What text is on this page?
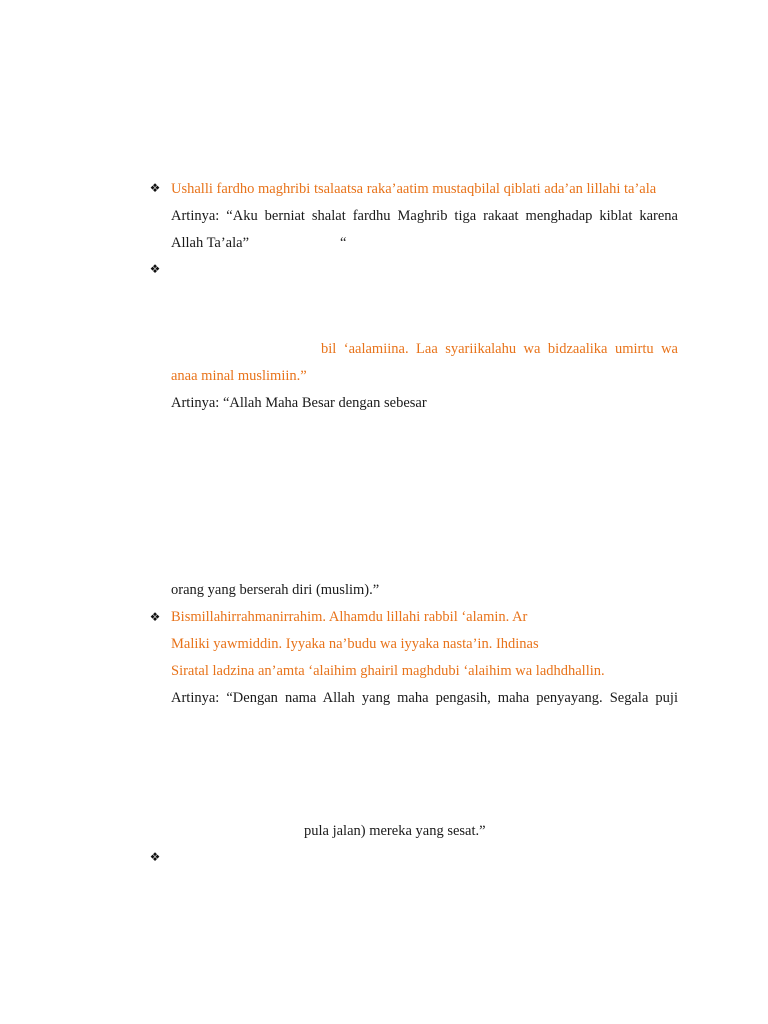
❖ Ushalli fardho maghribi tsalaatsa raka’aatim mustaqbilal qiblati ada’an lillahi ta’ala
Artinya: “Aku berniat shalat fardhu Maghrib tiga rakaat menghadap kiblat karena
Allah Ta’ala”	“
❖
bil ‘aalamiina. Laa syariikalahu wa bidzaalika umirtu wa
anaa minal muslimiin.”
Artinya: “Allah Maha Besar dengan sebesar
orang yang berserah diri (muslim).”
❖ Bismillahirrahmanirrahim. Alhamdu lillahi rabbil ‘alamin. Ar
Maliki yawmiddin. Iyyaka na’budu wa iyyaka nasta’in. Ihdinas
Siratal ladzina an’amta ‘alaihim ghairil maghdubi ‘alaihim wa ladhdhallin.
Artinya: “Dengan nama Allah yang maha pengasih, maha penyayang. Segala puji
pula jalan) mereka yang sesat.”
❖
